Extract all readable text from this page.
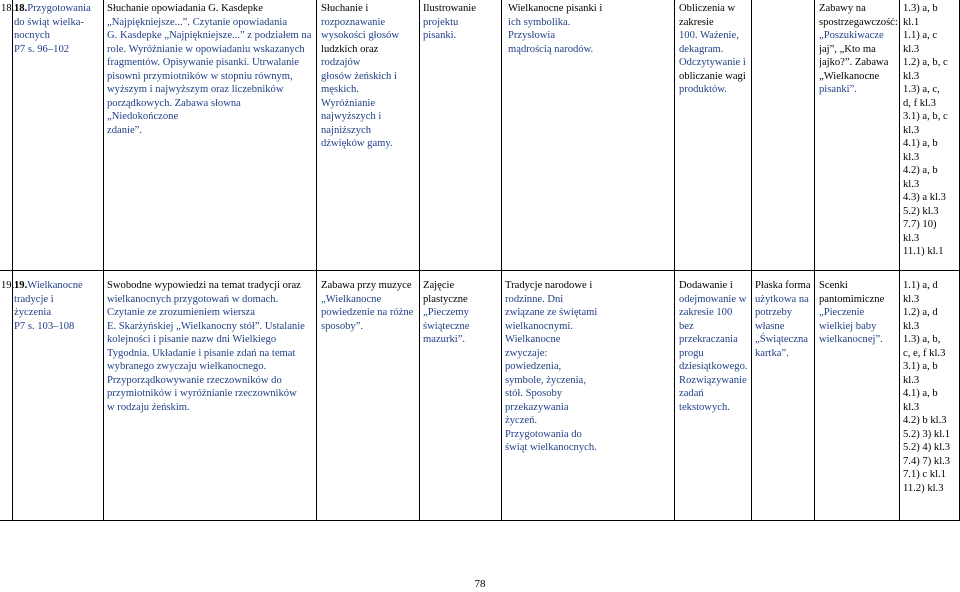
18. 18.Przygotowania
do świąt wielka-
nocnych
P7 s. 96–102
Słuchanie opowiadania G. Kasdepke
„Najpiękniejsze...”. Czytanie opowiadania
G. Kasdepke „Najpiękniejsze...” z podziałem na
role. Wyróżnianie w opowiadaniu wskazanych
fragmentów. Opisywanie pisanki. Utrwalanie
pisowni przymiotników w stopniu równym,
wyższym i najwyższym oraz liczebników
porządkowych. Zabawa słowna „Niedokończone
zdanie”.
Słuchanie i
rozpoznawanie
wysokości głosów
ludzkich oraz
rodzajów
głosów żeńskich i
męskich.
Wyróżnianie
najwyższych i
najniższych
dźwięków gamy.
Ilustrowanie
projektu
pisanki.
Wielkanocne pisanki i
ich symbolika.
Przysłowia
mądrością narodów.
Obliczenia w
zakresie
100. Ważenie,
dekagram.
Odczytywanie i
obliczanie wagi
produktów.
Zabawy na
spostrzegawczość:
„Poszukiwacze
jaj”, „Kto ma
jajko?”. Zabawa
„Wielkanocne
pisanki”.
1.3) a, b
kl.1
1.1) a, c
kl.3
1.2) a, b, c
kl.3
1.3) a, c,
d, f kl.3
3.1) a, b, c
kl.3
4.1) a, b
kl.3
4.2) a, b
kl.3
4.3) a kl.3
5.2) kl.3
7.7) 10)
kl.3
11.1) kl.1
19. 19.Wielkanocne
tradycje i
życzenia
P7 s. 103–108
Swobodne wypowiedzi na temat tradycji oraz
wielkanocnych przygotowań w domach.
Czytanie ze zrozumieniem wiersza
E. Skarżyńskiej „Wielkanocny stół”. Ustalanie
kolejności i pisanie nazw dni Wielkiego
Tygodnia. Układanie i pisanie zdań na temat
wybranego zwyczaju wielkanocnego.
Przyporządkowywanie rzeczowników do
przymiotników i wyróżnianie rzeczowników
w rodzaju żeńskim.
Zabawa przy muzyce
„Wielkanocne
powiedzenie na różne
sposoby”.
Zajęcie plastyczne
„Pieczemy
świąteczne
mazurki”.
Tradycje narodowe i
rodzinne. Dni
związane ze świętami
wielkanocnymi.
Wielkanocne
zwyczaje:
powiedzenia,
symbole, życzenia,
stół. Sposoby
przekazywania
życzeń.
Przygotowania do
świąt wielkanocnych.
Dodawanie i
odejmowanie w
zakresie 100
bez
przekraczania
progu
dziesiątkowego.
Rozwiązywanie
zadań
tekstowych.
Płaska forma
użytkowa na
potrzeby
własne
„Świąteczna
kartka”.
Scenki
pantomimiczne
„Pieczenie
wielkiej baby
wielkanocnej”.
1.1) a, d
kl.3
1.2) a, d
kl.3
1.3) a, b,
c, e, f kl.3
3.1) a, b
kl.3
4.1) a, b
kl.3
4.2) b kl.3
5.2) 3) kl.1
5.2) 4) kl.3
7.4) 7) kl.3
7.1) c kl.1
11.2) kl.3
78
